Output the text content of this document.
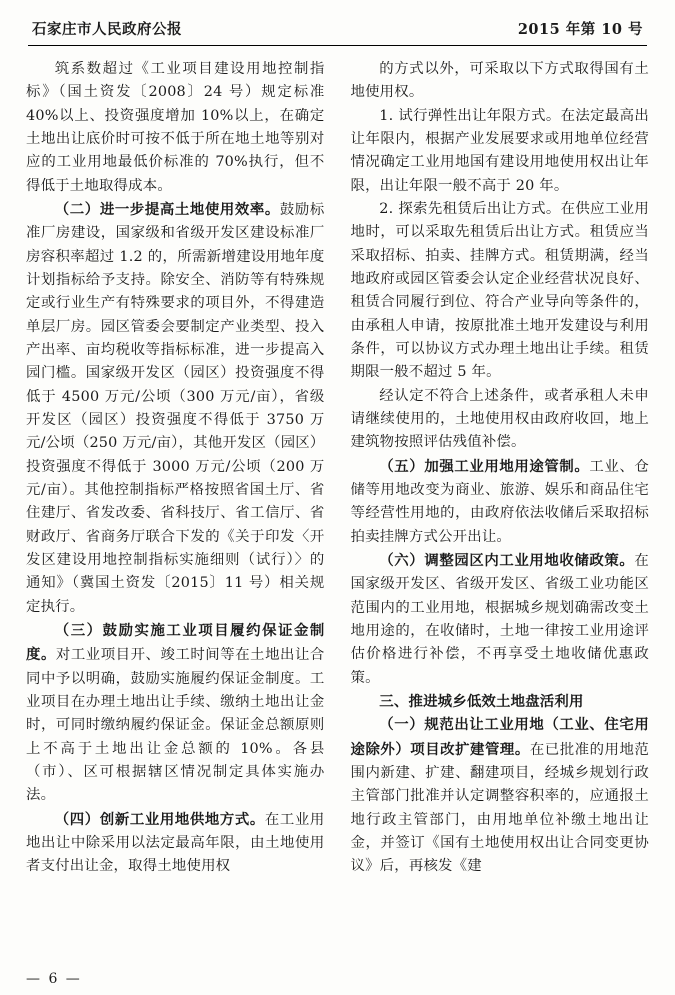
石家庄市人民政府公报	2015 年第 10 号

筑系数超过《工业项目建设用地控制指标》（国土资发〔2008〕24 号）规定标准 40%以上、投资强度增加 10%以上，在确定土地出让底价时可按不低于所在地土地等别对应的工业用地最低价标准的 70%执行，但不得低于土地取得成本。

（二）进一步提高土地使用效率。鼓励标准厂房建设，国家级和省级开发区建设标准厂房容积率超过 1.2 的，所需新增建设用地年度计划指标给予支持。除安全、消防等有特殊规定或行业生产有特殊要求的项目外，不得建造单层厂房。园区管委会要制定产业类型、投入产出率、亩均税收等指标标准，进一步提高入园门槛。国家级开发区（园区）投资强度不得低于 4500 万元/公顷（300 万元/亩），省级开发区（园区）投资强度不得低于 3750 万元/公顷（250 万元/亩），其他开发区（园区）投资强度不得低于 3000 万元/公顷（200 万元/亩）。其他控制指标严格按照省国土厅、省住建厅、省发改委、省科技厅、省工信厅、省财政厅、省商务厅联合下发的《关于印发〈开发区建设用地控制指标实施细则（试行）〉的通知》（冀国土资发〔2015〕11 号）相关规定执行。

（三）鼓励实施工业项目履约保证金制度。对工业项目开、竣工时间等在土地出让合同中予以明确，鼓励实施履约保证金制度。工业项目在办理土地出让手续、缴纳土地出让金时，可同时缴纳履约保证金。保证金总额原则上不高于土地出让金总额的 10%。各县（市）、区可根据辖区情况制定具体实施办法。

（四）创新工业用地供地方式。在工业用地出让中除采用以法定最高年限，由土地使用者支付出让金，取得土地使用权

的方式以外，可采取以下方式取得国有土地使用权。

1. 试行弹性出让年限方式。在法定最高出让年限内，根据产业发展要求或用地单位经营情况确定工业用地国有建设用地使用权出让年限，出让年限一般不高于 20 年。

2. 探索先租赁后出让方式。在供应工业用地时，可以采取先租赁后出让方式。租赁应当采取招标、拍卖、挂牌方式。租赁期满，经当地政府或园区管委会认定企业经营状况良好、租赁合同履行到位、符合产业导向等条件的，由承租人申请，按原批准土地开发建设与利用条件，可以协议方式办理土地出让手续。租赁期限一般不超过 5 年。

经认定不符合上述条件，或者承租人未申请继续使用的，土地使用权由政府收回，地上建筑物按照评估残值补偿。

（五）加强工业用地用途管制。工业、仓储等用地改变为商业、旅游、娱乐和商品住宅等经营性用地的，由政府依法收储后采取招标拍卖挂牌方式公开出让。

（六）调整园区内工业用地收储政策。在国家级开发区、省级开发区、省级工业功能区范围内的工业用地，根据城乡规划确需改变土地用途的，在收储时，土地一律按工业用途评估价格进行补偿，不再享受土地收储优惠政策。

三、推进城乡低效土地盘活利用

（一）规范出让工业用地（工业、住宅用途除外）项目改扩建管理。在已批准的用地范围内新建、扩建、翻建项目，经城乡规划行政主管部门批准并认定调整容积率的，应通报土地行政主管部门，由用地单位补缴土地出让金，并签订《国有土地使用权出让合同变更协议》后，再核发《建

— 6 —
